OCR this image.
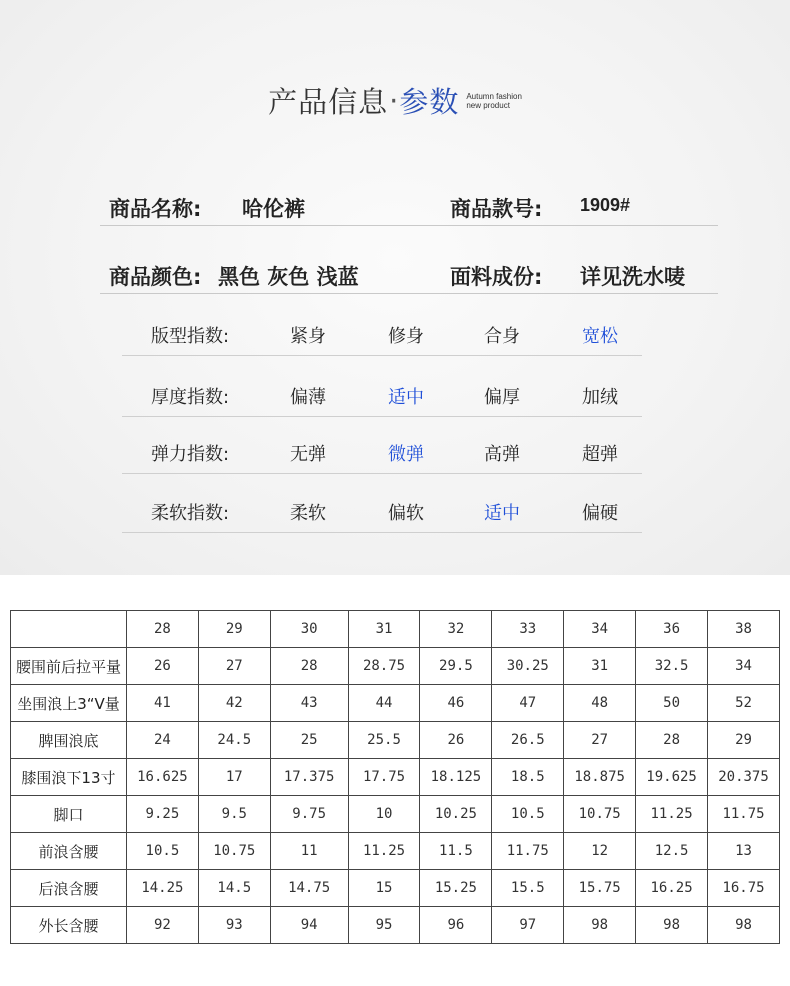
产品信息·参数 Autumn fashion
new product
商品名称: 哈伦裤	商品款号: 1909#
商品颜色: 黑色 灰色 浅蓝	面料成份: 详见洗水唛
版型指数:	紧身	修身	合身	宽松
厚度指数:	偏薄	适中	偏厚	加绒
弹力指数:	无弹	微弹	高弹	超弹
柔软指数:	柔软	偏软	适中	偏硬
	28	29	30	31	32	33	34	36	38
腰围前后拉平量	26	27	28	28.75	29.5	30.25	31	32.5	34
坐围浪上3“V量	41	42	43	44	46	47	48	50	52
脾围浪底	24	24.5	25	25.5	26	26.5	27	28	29
膝围浪下13寸	16.625	17	17.375	17.75	18.125	18.5	18.875	19.625	20.375
脚口	9.25	9.5	9.75	10	10.25	10.5	10.75	11.25	11.75
前浪含腰	10.5	10.75	11	11.25	11.5	11.75	12	12.5	13
后浪含腰	14.25	14.5	14.75	15	15.25	15.5	15.75	16.25	16.75
外长含腰	92	93	94	95	96	97	98	98	98
